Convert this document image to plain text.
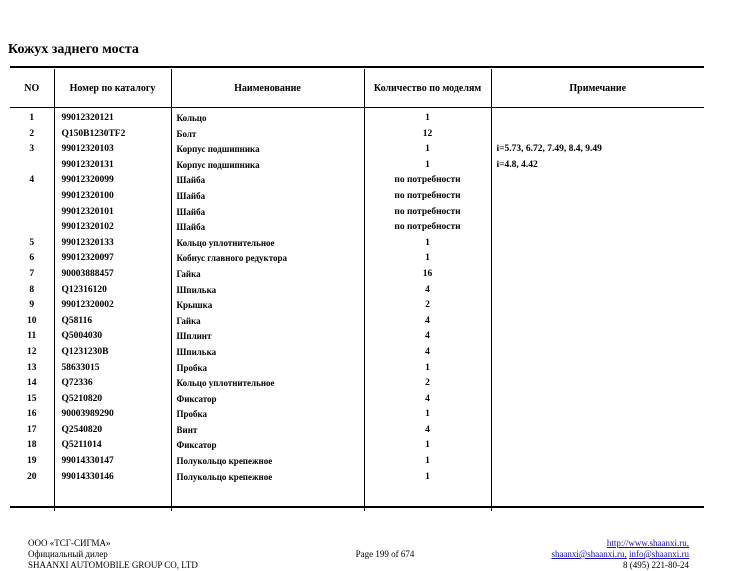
Кожух заднего моста
NO	Номер по каталогу	Наименование	Количество по моделям	Примечание
1	99012320121	Кольцо	1	
2	Q150B1230TF2	Болт	12	
3	99012320103	Корпус подшипника	1	i=5.73, 6.72, 7.49, 8.4, 9.49
	99012320131	Корпус подшипника	1	i=4.8, 4.42
4	99012320099	Шайба	по потребности	
	99012320100	Шайба	по потребности	
	99012320101	Шайба	по потребности	
	99012320102	Шайба	по потребности	
5	99012320133	Кольцо уплотнительное	1	
6	99012320097	Кобнус главного редуктора	1	
7	90003888457	Гайка	16	
8	Q12316120	Шпилька	4	
9	99012320002	Крышка	2	
10	Q58116	Гайка	4	
11	Q5004030	Шплинт	4	
12	Q1231230B	Шпилька	4	
13	58633015	Пробка	1	
14	Q72336	Кольцо уплотнительное	2	
15	Q5210820	Фиксатор	4	
16	90003989290	Пробка	1	
17	Q2540820	Винт	4	
18	Q5211014	Фиксатор	1	
19	99014330147	Полукольцо крепежное	1	
20	99014330146	Полукольцо крепежное	1	

ООО «ТСГ-СИГМА»
Официальный дилер
SHAANXI AUTOMOBILE GROUP CO, LTD
Page 199 of 674
http://www.shaanxi.ru,
shaanxi@shaanxi.ru, info@shaanxi.ru
8 (495) 221-80-24
